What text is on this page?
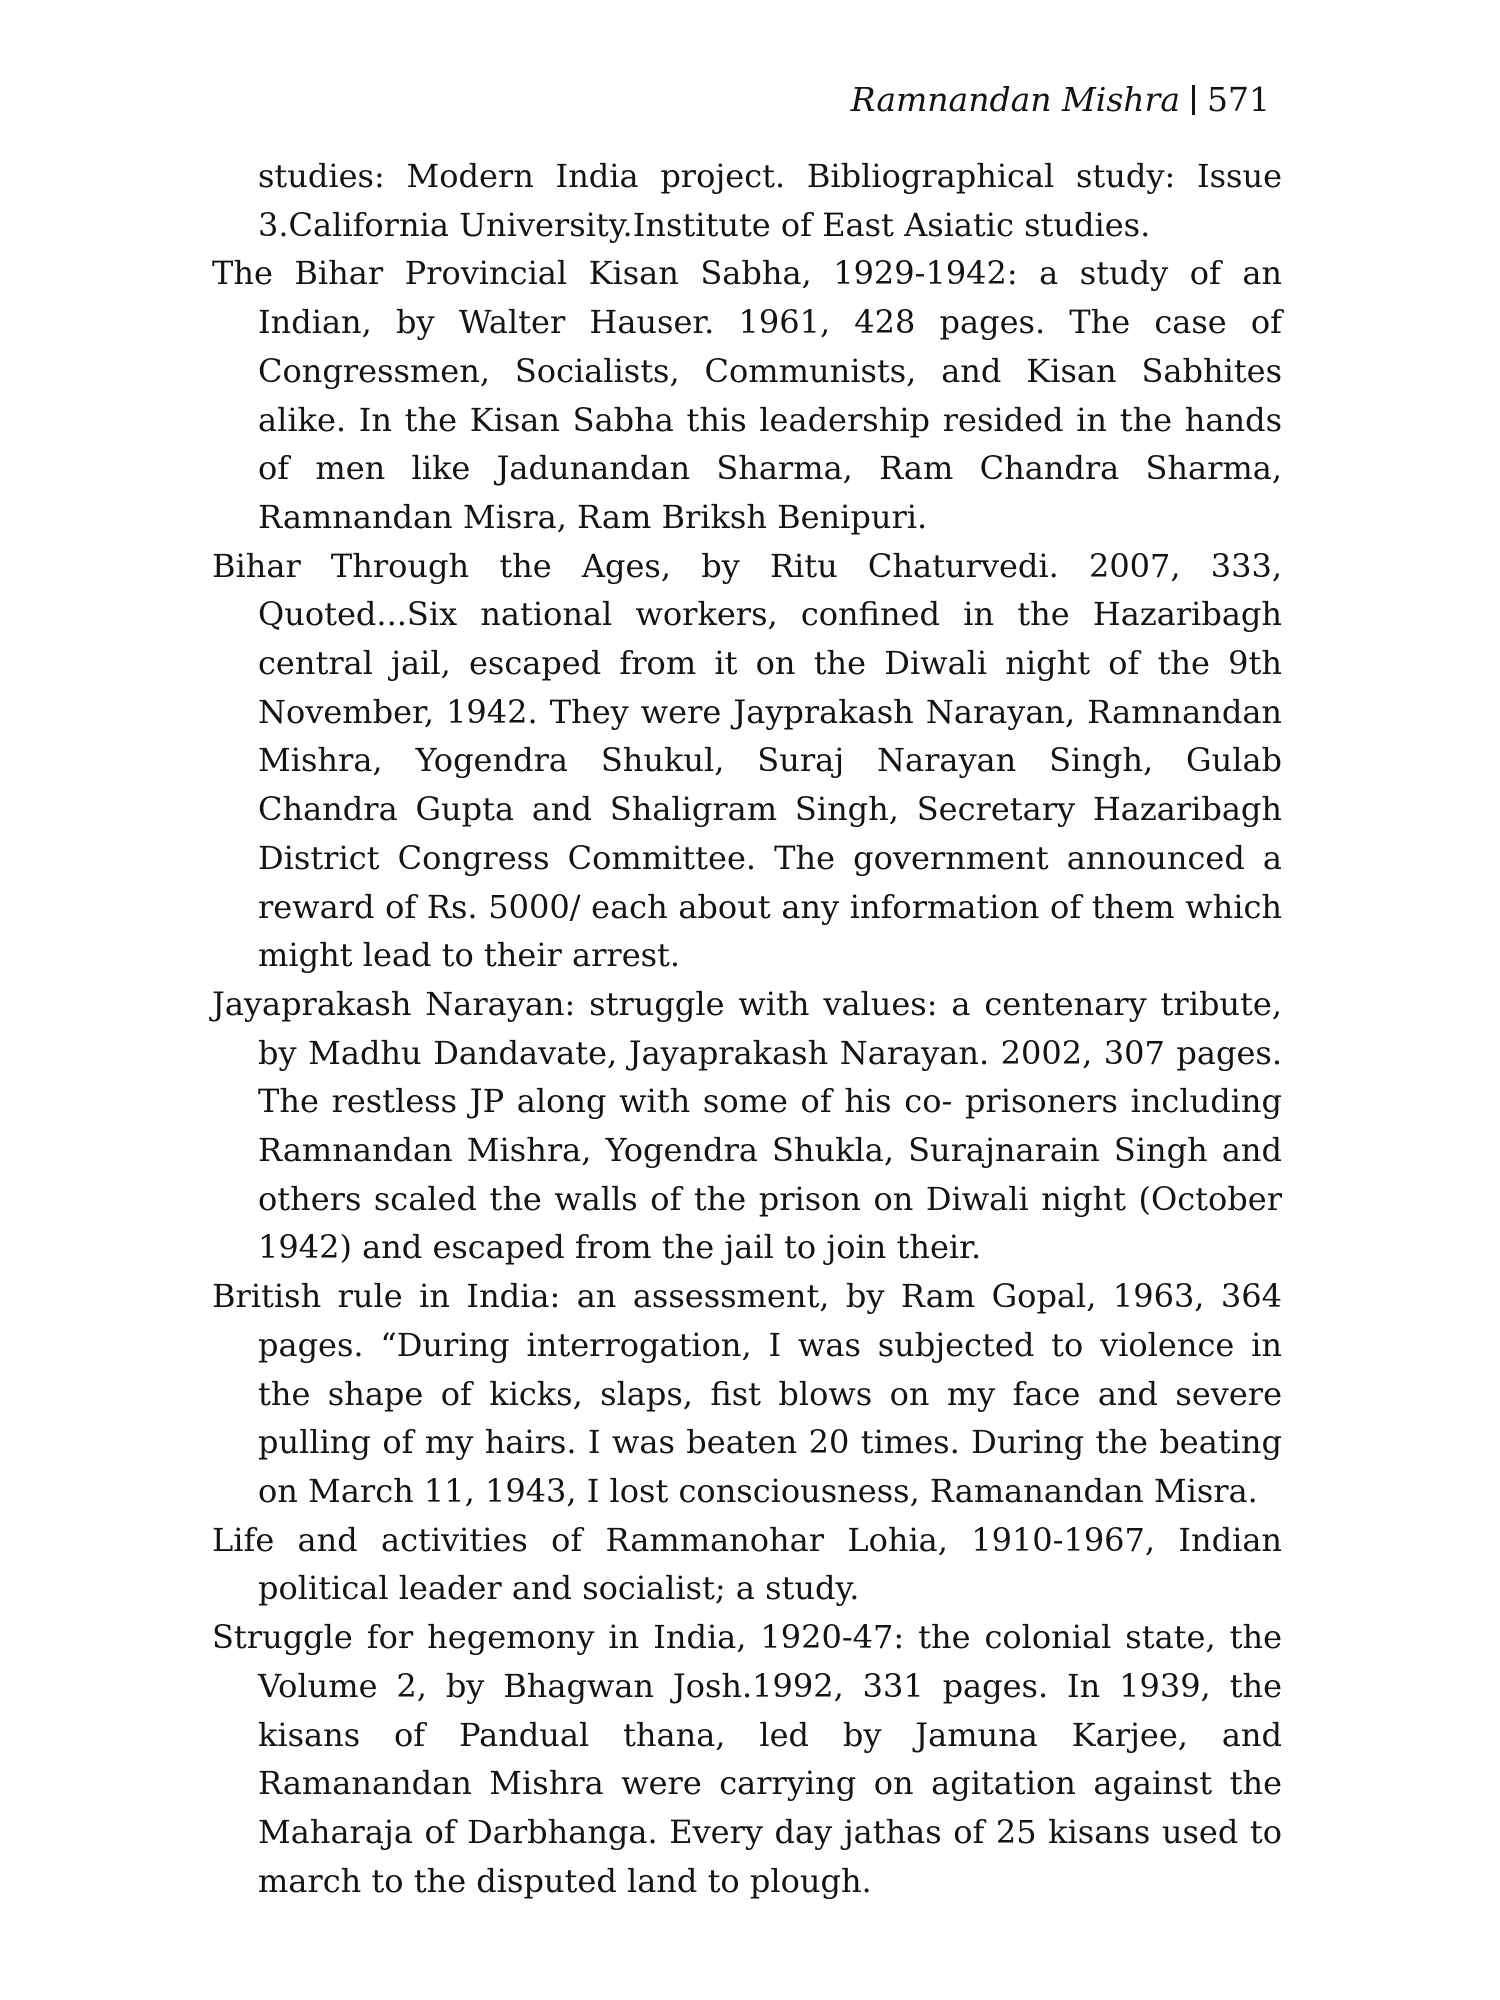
Ramnandan Mishra 571

studies: Modern India project. Bibliographical study: Issue 3.California University.Institute of East Asiatic studies.

The Bihar Provincial Kisan Sabha, 1929-1942: a study of an Indian, by Walter Hauser. 1961, 428 pages. The case of Congressmen, Socialists, Communists, and Kisan Sabhites alike. In the Kisan Sabha this leadership resided in the hands of men like Jadunandan Sharma, Ram Chandra Sharma, Ramnandan Misra, Ram Briksh Benipuri.

Bihar Through the Ages, by Ritu Chaturvedi. 2007, 333, Quoted...Six national workers, confined in the Hazaribagh central jail, escaped from it on the Diwali night of the 9th November, 1942. They were Jayprakash Narayan, Ramnandan Mishra, Yogendra Shukul, Suraj Narayan Singh, Gulab Chandra Gupta and Shaligram Singh, Secretary Hazaribagh District Congress Committee. The government announced a reward of Rs. 5000/ each about any information of them which might lead to their arrest.

Jayaprakash Narayan: struggle with values: a centenary tribute, by Madhu Dandavate, Jayaprakash Narayan. 2002, 307 pages. The restless JP along with some of his co- prisoners including Ramnandan Mishra, Yogendra Shukla, Surajnarain Singh and others scaled the walls of the prison on Diwali night (October 1942) and escaped from the jail to join their.

British rule in India: an assessment, by Ram Gopal, 1963, 364 pages. “During interrogation, I was subjected to violence in the shape of kicks, slaps, fist blows on my face and severe pulling of my hairs. I was beaten 20 times. During the beating on March 11, 1943, I lost consciousness, Ramanandan Misra.

Life and activities of Rammanohar Lohia, 1910-1967, Indian political leader and socialist; a study.

Struggle for hegemony in India, 1920-47: the colonial state, the Volume 2, by Bhagwan Josh.1992, 331 pages. In 1939, the kisans of Pandual thana, led by Jamuna Karjee, and Ramanandan Mishra were carrying on agitation against the Maharaja of Darbhanga. Every day jathas of 25 kisans used to march to the disputed land to plough.
